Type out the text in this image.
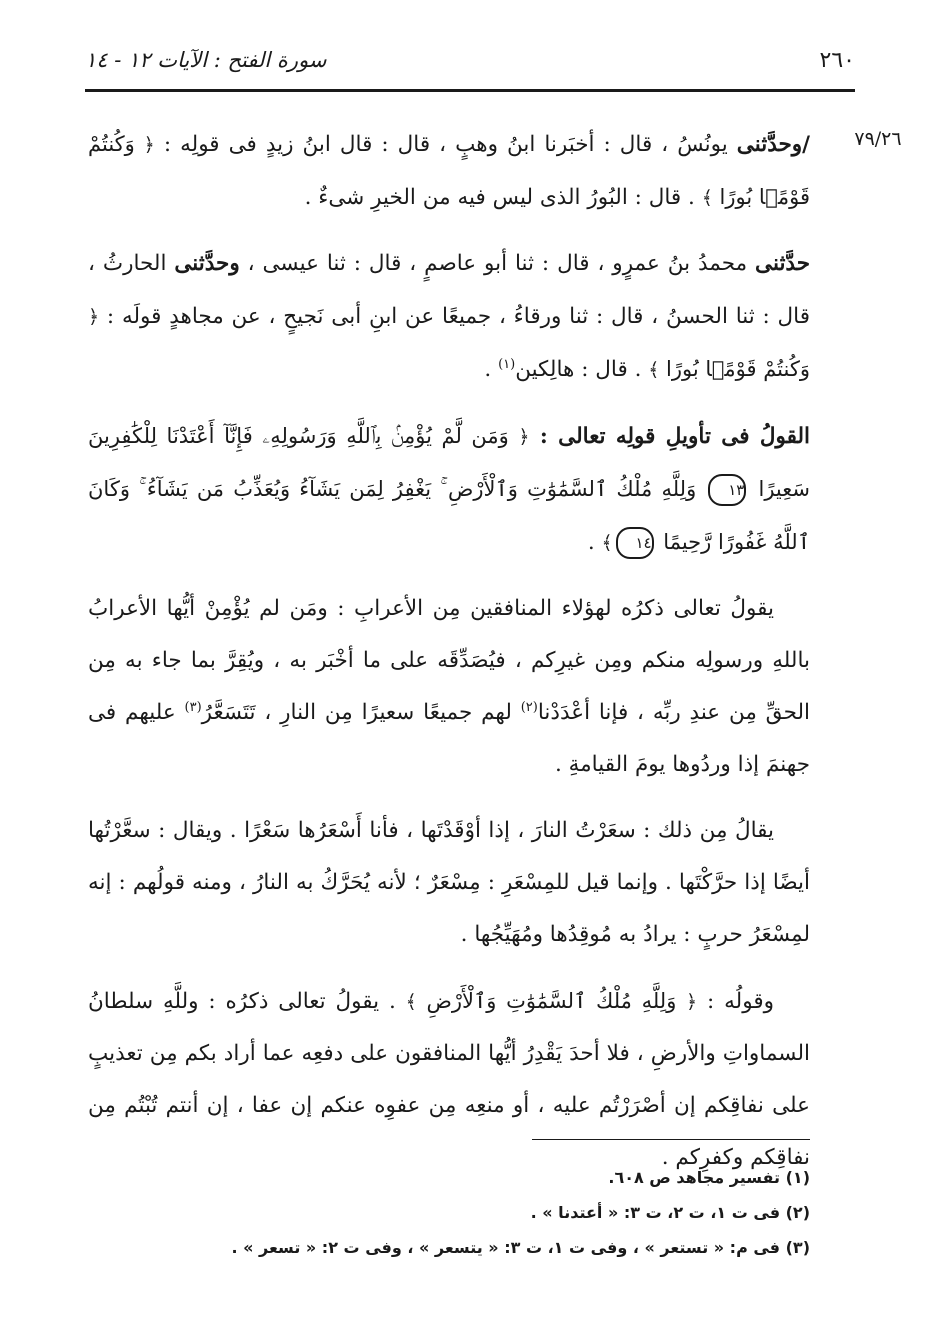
٢٦٠
سورة الفتح : الآيات ١٢ - ١٤
٧٩/٢٦

/وحدَّثنى يونُسُ ، قال : أخبَرنا ابنُ وهبٍ ، قال : قال ابنُ زيدٍ فى قولِه : ﴿ وَكُنتُمْ قَوْمًۢا بُورًا ﴾ . قال : البُورُ الذى ليس فيه من الخيرِ شىءٌ .

حدَّثنى محمدُ بنُ عمرٍو ، قال : ثنا أبو عاصمٍ ، قال : ثنا عيسى ، وحدَّثنى الحارثُ ، قال : ثنا الحسنُ ، قال : ثنا ورقاءُ ، جميعًا عن ابنِ أبى نَجيحٍ ، عن مجاهدٍ قولَه : ﴿ وَكُنتُمْ قَوْمًۢا بُورًا ﴾ . قال : هالِكين$^{(١)}$ .

القولُ فى تأويلِ قولِه تعالى : ﴿ وَمَن لَّمْ يُؤْمِنۢ بِٱللَّهِ وَرَسُولِهِۦ فَإِنَّآ أَعْتَدْنَا لِلْكَٰفِرِينَ سَعِيرًا ١٣ وَلِلَّهِ مُلْكُ ٱلسَّمَٰوَٰتِ وَٱلْأَرْضِ ۚ يَغْفِرُ لِمَن يَشَآءُ وَيُعَذِّبُ مَن يَشَآءُ ۚ وَكَانَ ٱللَّهُ غَفُورًا رَّحِيمًا ١٤﴾ .

يقولُ تعالى ذكرُه لهؤلاء المنافقين مِن الأعرابِ : ومَن لم يُؤْمِنْ أيُّها الأعرابُ باللهِ ورسولِه منكم ومِن غيرِكم ، فيُصَدِّقَه على ما أخْبَر به ، ويُقِرَّ بما جاء به مِن الحقِّ مِن عندِ ربِّه ، فإنا أعْدَدْنا$^{(٢)}$ لهم جميعًا سعيرًا مِن النارِ ، تَتَسَعَّرُ$^{(٣)}$ عليهم فى جهنمَ إذا وردُوها يومَ القيامةِ .

يقالُ مِن ذلك : سعَرْتُ النارَ ، إذا أوْقَدْتَها ، فأنا أَسْعَرُها سَعْرًا . ويقال : سعَّرْتُها أيضًا إذا حرَّكْتَها . وإنما قيل للمِسْعَرِ : مِسْعَرٌ ؛ لأنه يُحَرَّكُ به النارُ ، ومنه قولُهم : إنه لمِسْعَرُ حربٍ : يرادُ به مُوقِدُها ومُهَيِّجُها .

وقولُه : ﴿ وَلِلَّهِ مُلْكُ ٱلسَّمَٰوَٰتِ وَٱلْأَرْضِ ﴾ . يقولُ تعالى ذكرُه : وللَّهِ سلطانُ السماواتِ والأرضِ ، فلا أحدَ يَقْدِرُ أيُّها المنافقون على دفعِه عما أراد بكم مِن تعذيبٍ على نفاقِكم إن أصْرَرْتُم عليه ، أو منعِه مِن عفوِه عنكم إن عفا ، إن أنتم تُبْتُم مِن نفاقِكم وكفرِكم .

(١) تفسير مجاهد ص ٦٠٨.
(٢) فى ت ١، ت ٢، ت ٣: « أعتدنا » .
(٣) فى م: « تستعر » ، وفى ت ١، ت ٣: « يتسعر » ، وفى ت ٢: « تسعر » .
